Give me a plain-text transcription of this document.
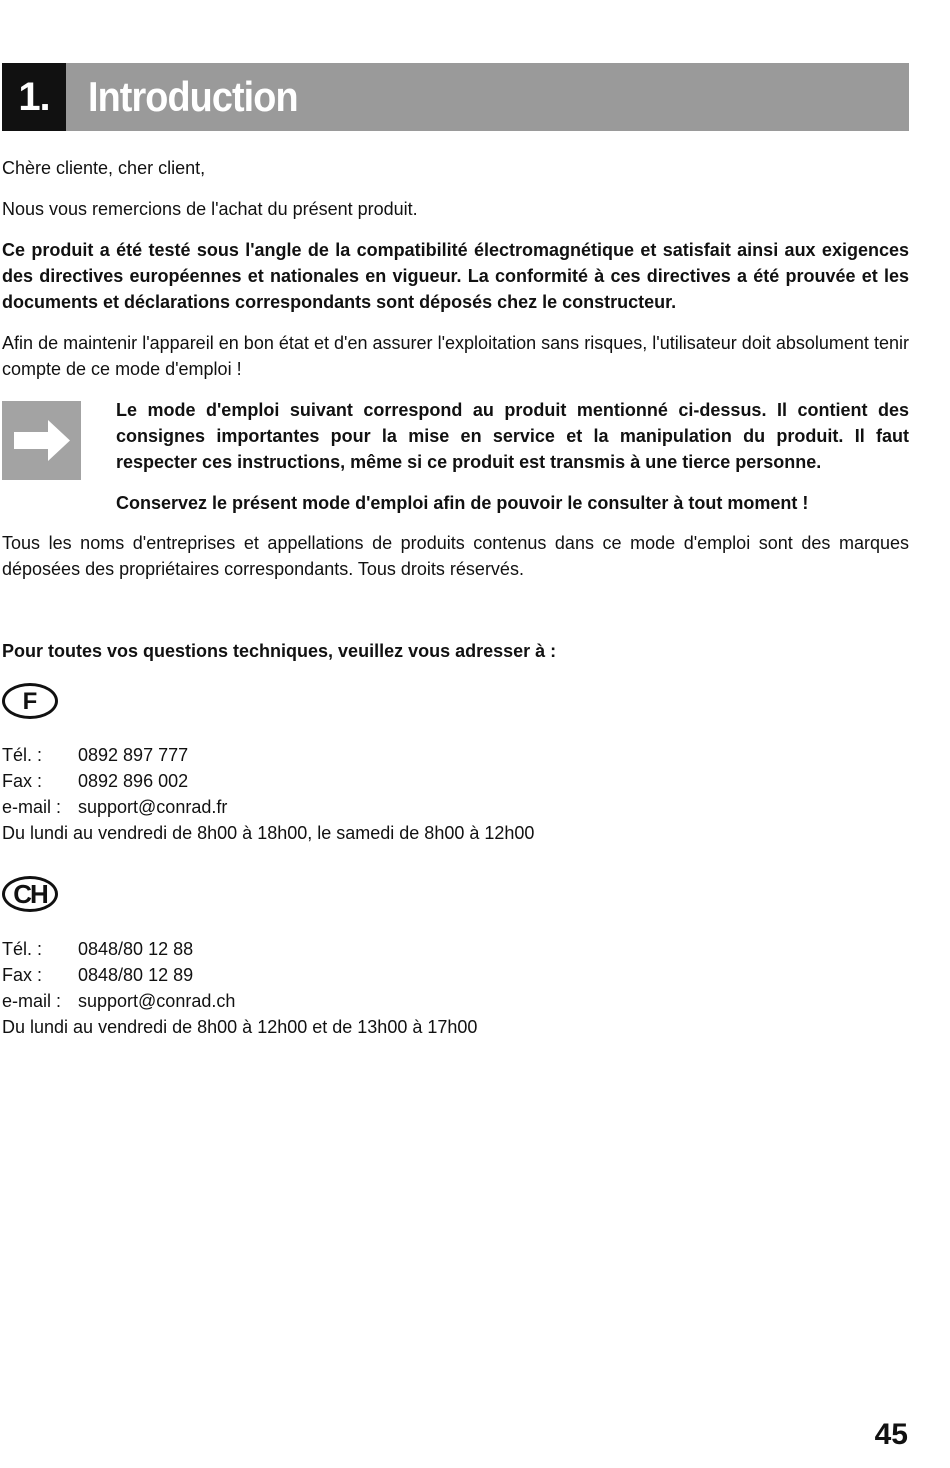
1. Introduction
Chère cliente, cher client,
Nous vous remercions de l'achat du présent produit.
Ce produit a été testé sous l'angle de la compatibilité électromagnétique et satisfait ainsi aux exigences des directives européennes et nationales en vigueur. La conformité à ces directives a été prouvée et les documents et déclarations correspondants sont déposés chez le constructeur.
Afin de maintenir l'appareil en bon état et d'en assurer l'exploitation sans risques, l'utilisateur doit absolument tenir compte de ce mode d'emploi !
Le mode d'emploi suivant correspond au produit mentionné ci-dessus. Il contient des consignes importantes pour la mise en service et la manipulation du produit. Il faut respecter ces instructions, même si ce produit est transmis à une tierce personne.
Conservez le présent mode d'emploi afin de pouvoir le consulter à tout moment !
Tous les noms d'entreprises et appellations de produits contenus dans ce mode d'emploi sont des marques déposées des propriétaires correspondants. Tous droits réservés.
Pour toutes vos questions techniques, veuillez vous adresser à :
F
Tél. : 0892 897 777
Fax : 0892 896 002
e-mail : support@conrad.fr
Du lundi au vendredi de 8h00 à 18h00, le samedi de 8h00 à 12h00
CH
Tél. : 0848/80 12 88
Fax : 0848/80 12 89
e-mail : support@conrad.ch
Du lundi au vendredi de 8h00 à 12h00 et de 13h00 à 17h00
45
